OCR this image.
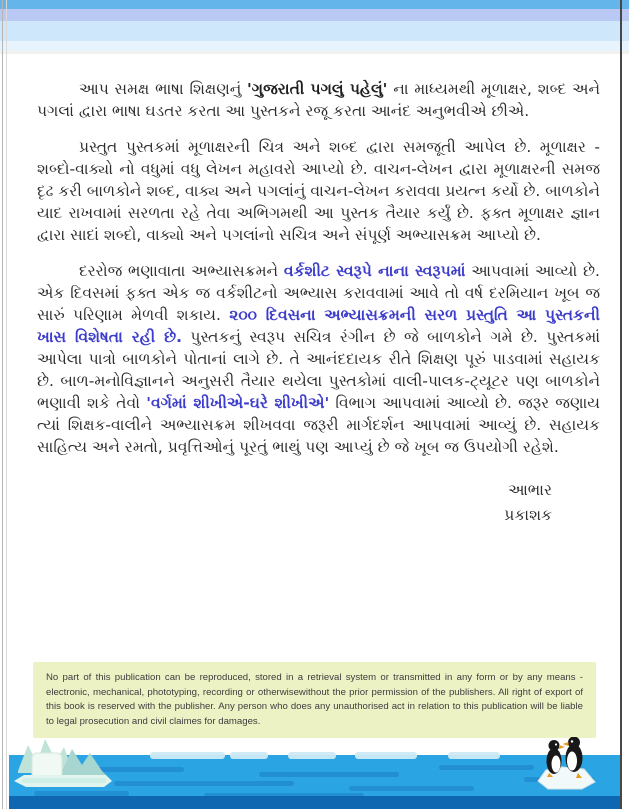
આપ સમક્ષ ભાષા શિક્ષણનું 'ગુજરાતી પગલું પહેલું' ના માધ્યમથી મૂળાક્ષર, શબ્દ અને પગલાં દ્વારા ભાષા ઘડતર કરતા આ પુસ્તકને રજૂ કરતા આનંદ અનુભવીએ છીએ.

પ્રસ્તુત પુસ્તકમાં મૂળાક્ષરની ચિત્ર અને શબ્દ દ્વારા સમજૂતી આપેલ છે. મૂળાક્ષર - શબ્દો-વાક્યો નો વધુમાં વધુ લેખન મહાવરો આપ્યો છે. વાચન-લેખન દ્વારા મૂળાક્ષરની સમજ દૃઢ કરી બાળકોને શબ્દ, વાક્ય અને પગલાંનું વાચન-લેખન કરાવવા પ્રયત્ન કર્યો છે. બાળકોને યાદ રાખવામાં સરળતા રહે તેવા અભિગમથી આ પુસ્તક તૈયાર કર્યું છે. ફક્ત મૂળાક્ષર જ્ઞાન દ્વારા સાદાં શબ્દો, વાક્યો અને પગલાંનો સચિત્ર અને સંપૂર્ણ અભ્યાસક્રમ આપ્યો છે.

દરરોજ ભણાવાતા અભ્યાસક્રમને વર્કશીટ સ્વરૂપે નાના સ્વરૂપમાં આપવામાં આવ્યો છે. એક દિવસમાં ફક્ત એક જ વર્કશીટનો અભ્યાસ કરાવવામાં આવે તો વર્ષ દરમિયાન ખૂબ જ સારું પરિણામ મેળવી શકાય. ૨૦૦ દિવસના અભ્યાસક્રમની સરળ પ્રસ્તુતિ આ પુસ્તકની ખાસ વિશેષતા રહી છે. પુસ્તકનું સ્વરૂપ સચિત્ર રંગીન છે જે બાળકોને ગમે છે. પુસ્તકમાં આપેલા પાત્રો બાળકોને પોતાનાં લાગે છે. તે આનંદદાયક રીતે શિક્ષણ પૂરું પાડવામાં સહાયક છે. બાળ-મનોવિજ્ઞાનને અનુસરી તૈયાર થયેલા પુસ્તકોમાં વાલી-પાલક-ટ્યૂટર પણ બાળકોને ભણાવી શકે તેવો 'વર્ગમાં શીખીએ-ઘરે શીખીએ' વિભાગ આપવામાં આવ્યો છે. જરૂર જણાય ત્યાં શિક્ષક-વાલીને અભ્યાસક્રમ શીખવવા જરૂરી માર્ગદર્શન આપવામાં આવ્યું છે. સહાયક સાહિત્ય અને રમતો, પ્રવૃત્તિઓનું પૂરતું ભાથું પણ આપ્યું છે જે ખૂબ જ ઉપયોગી રહેશે.

આભાર
પ્રકાશક
No part of this publication can be reproduced, stored in a retrieval system or transmitted in any form or by any means -electronic, mechanical, phototyping, recording or otherwisewithout the prior permission of the publishers. All right of export of this book is reserved with the publisher. Any person who does any unauthorised act in relation to this publication will be liable to legal prosecution and civil claimes for damages.
